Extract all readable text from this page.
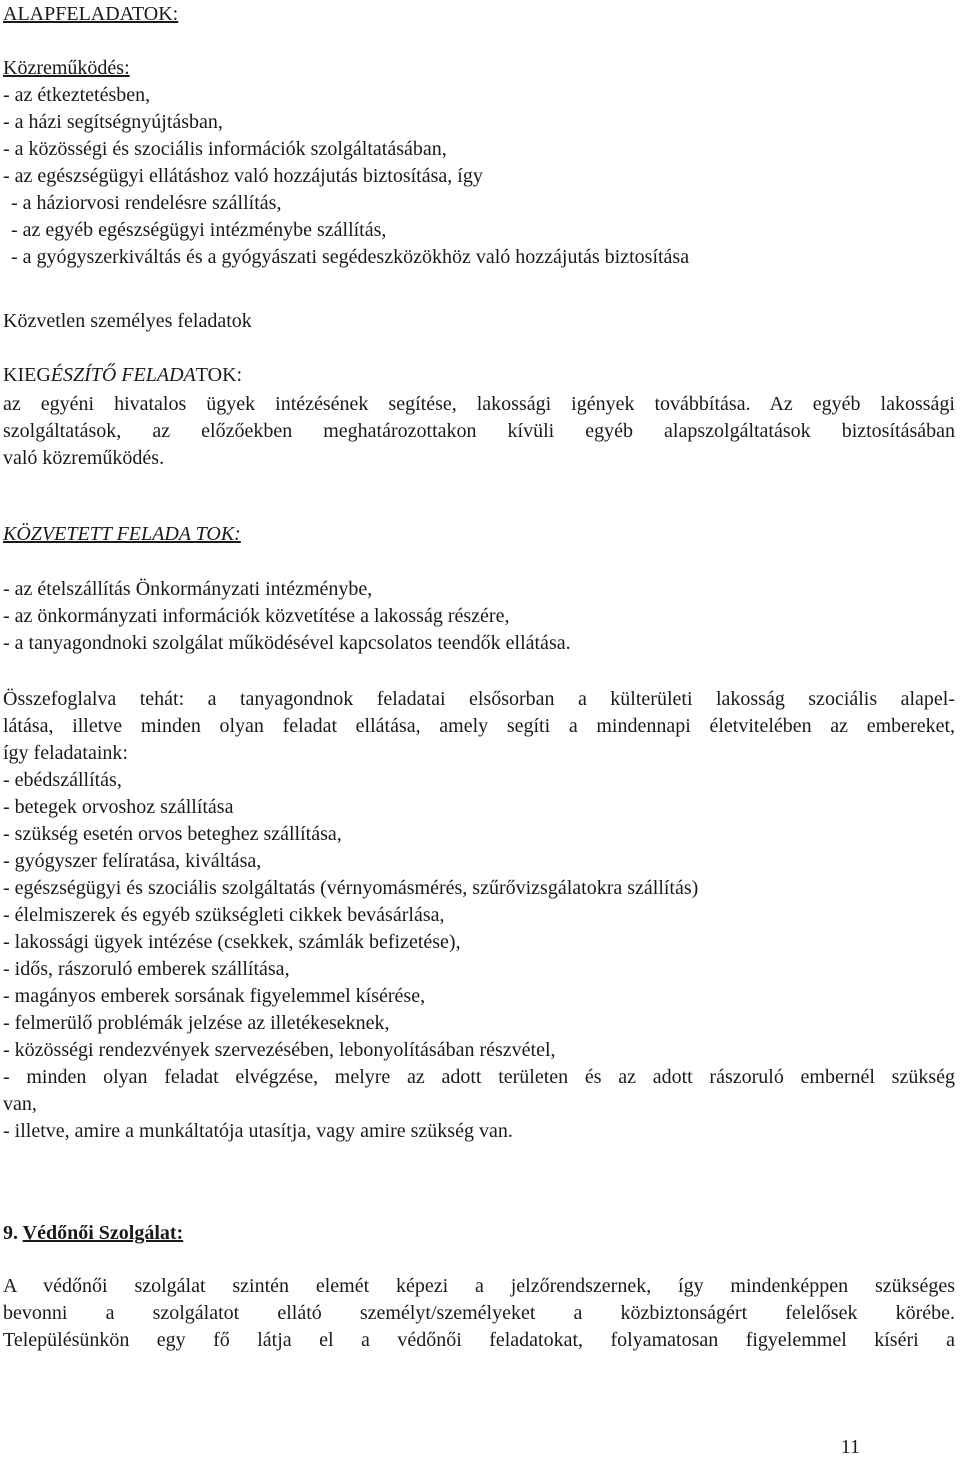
ALAPFELADATOK:
Közreműködés:
- az étkeztetésben,
- a házi segítségnyújtásban,
- a közösségi és szociális információk szolgáltatásában,
- az egészségügyi ellátáshoz való hozzájutás biztosítása, így
- a háziorvosi rendelésre szállítás,
- az egyéb egészségügyi intézménybe szállítás,
- a gyógyszerkiváltás és a gyógyászati segédeszközökhöz való hozzájutás biztosítása
Közvetlen személyes feladatok
KIEGÉSZÍTŐ FELADATOK:
az egyéni hivatalos ügyek intézésének segítése, lakossági igények továbbítása. Az egyéb lakossági
szolgáltatások, az előzőekben meghatározottakon kívüli egyéb alapszolgáltatások biztosításában
való közreműködés.
KÖZVETETT FELADA TOK:
- az ételszállítás Önkormányzati intézménybe,
- az önkormányzati információk közvetítése a lakosság részére,
- a tanyagondnoki szolgálat működésével kapcsolatos teendők ellátása.
Összefoglalva tehát: a tanyagondnok feladatai elsősorban a külterületi lakosság szociális alapel-
látása, illetve minden olyan feladat ellátása, amely segíti a mindennapi életvitelében az embereket,
így feladataink:
- ebédszállítás,
- betegek orvoshoz szállítása
- szükség esetén orvos beteghez szállítása,
- gyógyszer felíratása, kiváltása,
- egészségügyi és szociális szolgáltatás (vérnyomásmérés, szűrővizsgálatokra szállítás)
- élelmiszerek és egyéb szükségleti cikkek bevásárlása,
- lakossági ügyek intézése (csekkek, számlák befizetése),
- idős, rászoruló emberek szállítása,
- magányos emberek sorsának figyelemmel kísérése,
- felmerülő problémák jelzése az illetékeseknek,
- közösségi rendezvények szervezésében, lebonyolításában részvétel,
- minden olyan feladat elvégzése, melyre az adott területen és az adott rászoruló embernél szükség
van,
- illetve, amire a munkáltatója utasítja, vagy amire szükség van.
9. Védőnői Szolgálat:
A védőnői szolgálat szintén elemét képezi a jelzőrendszernek, így mindenképpen szükséges
bevonni a szolgálatot ellátó személyt/személyeket a közbiztonságért felelősek körébe.
Településünkön egy fő látja el a védőnői feladatokat, folyamatosan figyelemmel kíséri a
11
